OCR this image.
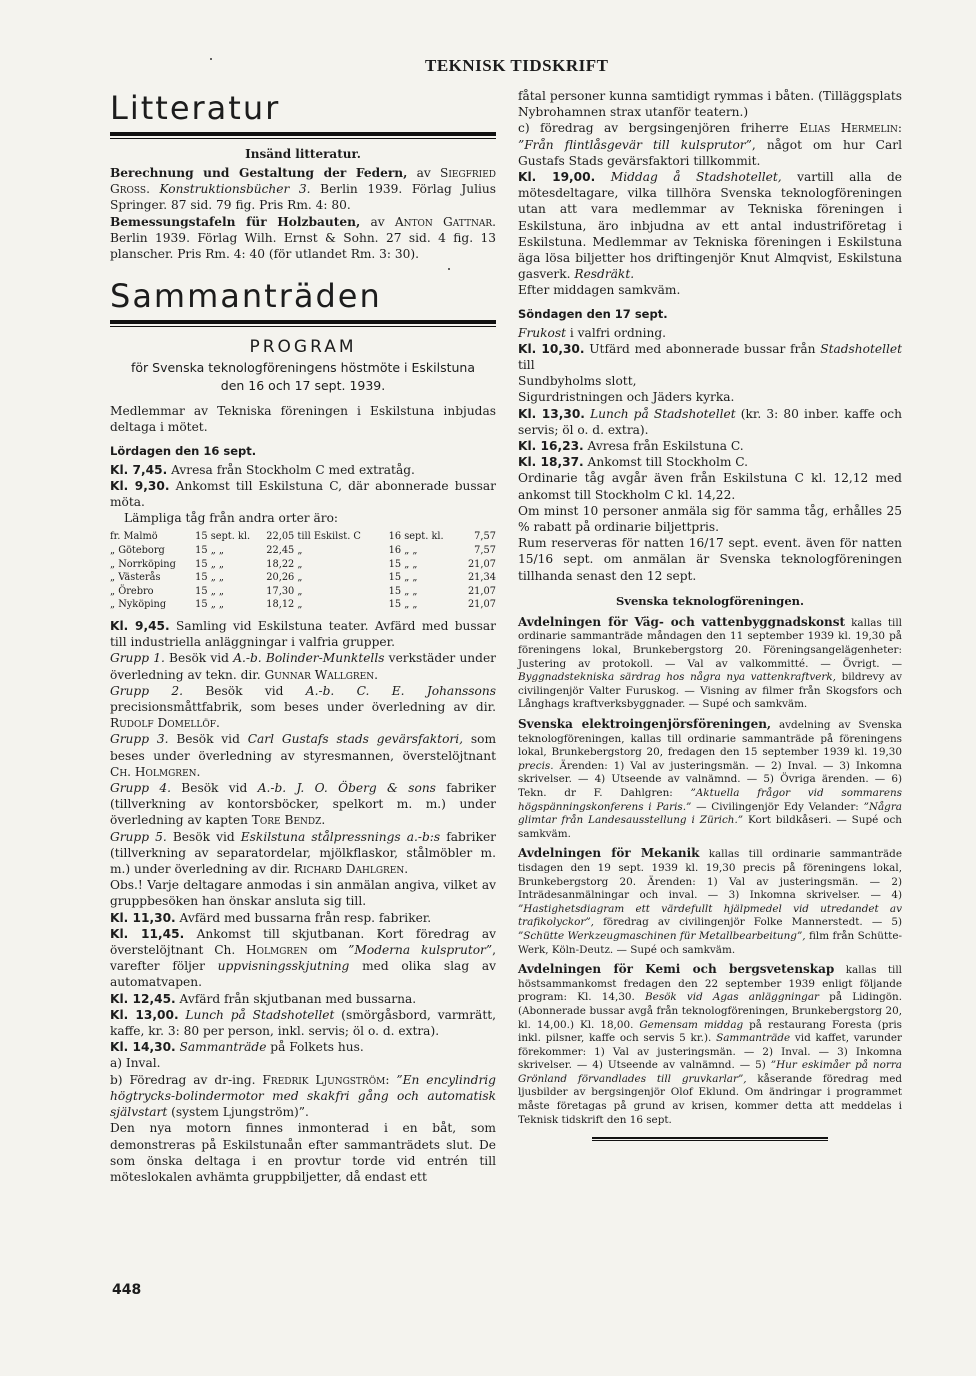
TEKNISK TIDSKRIFT
Litteratur
Insänd litteratur.

Berechnung und Gestaltung der Federn, av Siegfried Gross. Konstruktionsbücher 3. Berlin 1939. Förlag Julius Springer. 87 sid. 79 fig. Pris Rm. 4: 80.

Bemessungstafeln für Holzbauten, av Anton Gattnar. Berlin 1939. Förlag Wilh. Ernst & Sohn. 27 sid. 4 fig. 13 planscher. Pris Rm. 4: 40 (för utlandet Rm. 3: 30).

Sammanträden
PROGRAM
för Svenska teknologföreningens höstmöte i Eskilstuna
den 16 och 17 sept. 1939.

Medlemmar av Tekniska föreningen i Eskilstuna inbjudas deltaga i mötet.

Lördagen den 16 sept.

Kl. 7,45. Avresa från Stockholm C med extratåg.

Kl. 9,30. Ankomst till Eskilstuna C, där abonnerade bussar möta.

Lämpliga tåg från andra orter äro:

fr. Malmö	15 sept. kl.	22,05 till Eskilst. C	16 sept. kl.	7,57
„ Göteborg	15 „ „	22,45 „	16 „ „	7,57
„ Norrköping	15 „ „	18,22 „	15 „ „	21,07
„ Västerås	15 „ „	20,26 „	15 „ „	21,34
„ Örebro	15 „ „	17,30 „	15 „ „	21,07
„ Nyköping	15 „ „	18,12 „	15 „ „	21,07

Kl. 9,45. Samling vid Eskilstuna teater. Avfärd med bussar till industriella anläggningar i valfria grupper.

Grupp 1. Besök vid A.-b. Bolinder-Munktells verkstäder under överledning av tekn. dir. Gunnar Wallgren.

Grupp 2. Besök vid A.-b. C. E. Johanssons precisionsmåttfabrik, som beses under överledning av dir. Rudolf Domellöf.

Grupp 3. Besök vid Carl Gustafs stads gevärsfaktori, som beses under överledning av styresmannen, överstelöjtnant Ch. Holmgren.

Grupp 4. Besök vid A.-b. J. O. Öberg & sons fabriker (tillverkning av kontorsböcker, spelkort m. m.) under överledning av kapten Tore Bendz.

Grupp 5. Besök vid Eskilstuna stålpressnings a.-b:s fabriker (tillverkning av separatordelar, mjölkflaskor, stålmöbler m. m.) under överledning av dir. Richard Dahlgren.

Obs.! Varje deltagare anmodas i sin anmälan angiva, vilket av gruppbesöken han önskar ansluta sig till.

Kl. 11,30. Avfärd med bussarna från resp. fabriker.

Kl. 11,45. Ankomst till skjutbanan. Kort föredrag av överstelöjtnant Ch. Holmgren om ”Moderna kulsprutor”, varefter följer uppvisningsskjutning med olika slag av automatvapen.

Kl. 12,45. Avfärd från skjutbanan med bussarna.

Kl. 13,00. Lunch på Stadshotellet (smörgåsbord, varmrätt, kaffe, kr. 3: 80 per person, inkl. servis; öl o. d. extra).

Kl. 14,30. Sammanträde på Folkets hus.

a) Inval.

b) Föredrag av dr-ing. Fredrik Ljungström: ”En encylindrig högtrycks-bolindermotor med skakfri gång och automatisk självstart (system Ljungström)”.

Den nya motorn finnes inmonterad i en båt, som demonstreras på Eskilstunaån efter sammanträdets slut. De som önska deltaga i en provtur torde vid entrén till möteslokalen avhämta gruppbiljetter, då endast ett

fåtal personer kunna samtidigt rymmas i båten. (Tilläggsplats Nybrohamnen strax utanför teatern.)

c) föredrag av bergsingenjören friherre Elias Hermelin: ”Från flintlåsgevär till kulsprutor”, något om hur Carl Gustafs Stads gevärsfaktori tillkommit.

Kl. 19,00. Middag å Stadshotellet, vartill alla de mötesdeltagare, vilka tillhöra Svenska teknologföreningen utan att vara medlemmar av Tekniska föreningen i Eskilstuna, äro inbjudna av ett antal industriföretag i Eskilstuna. Medlemmar av Tekniska föreningen i Eskilstuna äga lösa biljetter hos driftingenjör Knut Almqvist, Eskilstuna gasverk. Resdräkt.

Efter middagen samkväm.

Söndagen den 17 sept.

Frukost i valfri ordning.

Kl. 10,30. Utfärd med abonnerade bussar från Stadshotellet till

Sundbyholms slott,

Sigurdristningen och Jäders kyrka.

Kl. 13,30. Lunch på Stadshotellet (kr. 3: 80 inber. kaffe och servis; öl o. d. extra).

Kl. 16,23. Avresa från Eskilstuna C.

Kl. 18,37. Ankomst till Stockholm C.

Ordinarie tåg avgår även från Eskilstuna C kl. 12,12 med ankomst till Stockholm C kl. 14,22.

Om minst 10 personer anmäla sig för samma tåg, erhålles 25 % rabatt på ordinarie biljettpris.

Rum reserveras för natten 16/17 sept. event. även för natten 15/16 sept. om anmälan är Svenska teknologföreningen tillhanda senast den 12 sept.

Svenska teknologföreningen.

Avdelningen för Väg- och vattenbyggnadskonst kallas till ordinarie sammanträde måndagen den 11 september 1939 kl. 19,30 på föreningens lokal, Brunkebergstorg 20. Föreningsangelägenheter: Justering av protokoll. — Val av valkommitté. — Övrigt. — Byggnadstekniska särdrag hos några nya vattenkraftverk, bildrevy av civilingenjör Valter Furuskog. — Visning av filmer från Skogsfors och Långhags kraftverksbyggnader. — Supé och samkväm.

Svenska elektroingenjörsföreningen, avdelning av Svenska teknologföreningen, kallas till ordinarie sammanträde på föreningens lokal, Brunkebergstorg 20, fredagen den 15 september 1939 kl. 19,30 precis. Ärenden: 1) Val av justeringsmän. — 2) Inval. — 3) Inkomna skrivelser. — 4) Utseende av valnämnd. — 5) Övriga ärenden. — 6) Tekn. dr F. Dahlgren: ”Aktuella frågor vid sommarens högspänningskonferens i Paris.” — Civilingenjör Edy Velander: ”Några glimtar från Landesausstellung i Zürich.” Kort bildkåseri. — Supé och samkväm.

Avdelningen för Mekanik kallas till ordinarie sammanträde tisdagen den 19 sept. 1939 kl. 19,30 precis på föreningens lokal, Brunkebergstorg 20. Ärenden: 1) Val av justeringsmän. — 2) Inträdesanmälningar och inval. — 3) Inkomna skrivelser. — 4) ”Hastighetsdiagram ett värdefullt hjälpmedel vid utredandet av trafikolyckor”, föredrag av civilingenjör Folke Mannerstedt. — 5) ”Schütte Werkzeugmaschinen für Metallbearbeitung”, film från Schütte-Werk, Köln-Deutz. — Supé och samkväm.

Avdelningen för Kemi och bergsvetenskap kallas till höstsammankomst fredagen den 22 september 1939 enligt följande program: Kl. 14,30. Besök vid Agas anläggningar på Lidingön. (Abonnerade bussar avgå från teknologföreningen, Brunkebergstorg 20, kl. 14,00.) Kl. 18,00. Gemensam middag på restaurang Foresta (pris inkl. pilsner, kaffe och servis 5 kr.). Sammanträde vid kaffet, varunder förekommer: 1) Val av justeringsmän. — 2) Inval. — 3) Inkomna skrivelser. — 4) Utseende av valnämnd. — 5) ”Hur eskimåer på norra Grönland förvandlades till gruvkarlar”, kåserande föredrag med ljusbilder av bergsingenjör Olof Eklund. Om ändringar i programmet måste företagas på grund av krisen, kommer detta att meddelas i Teknisk tidskrift den 16 sept.

448
